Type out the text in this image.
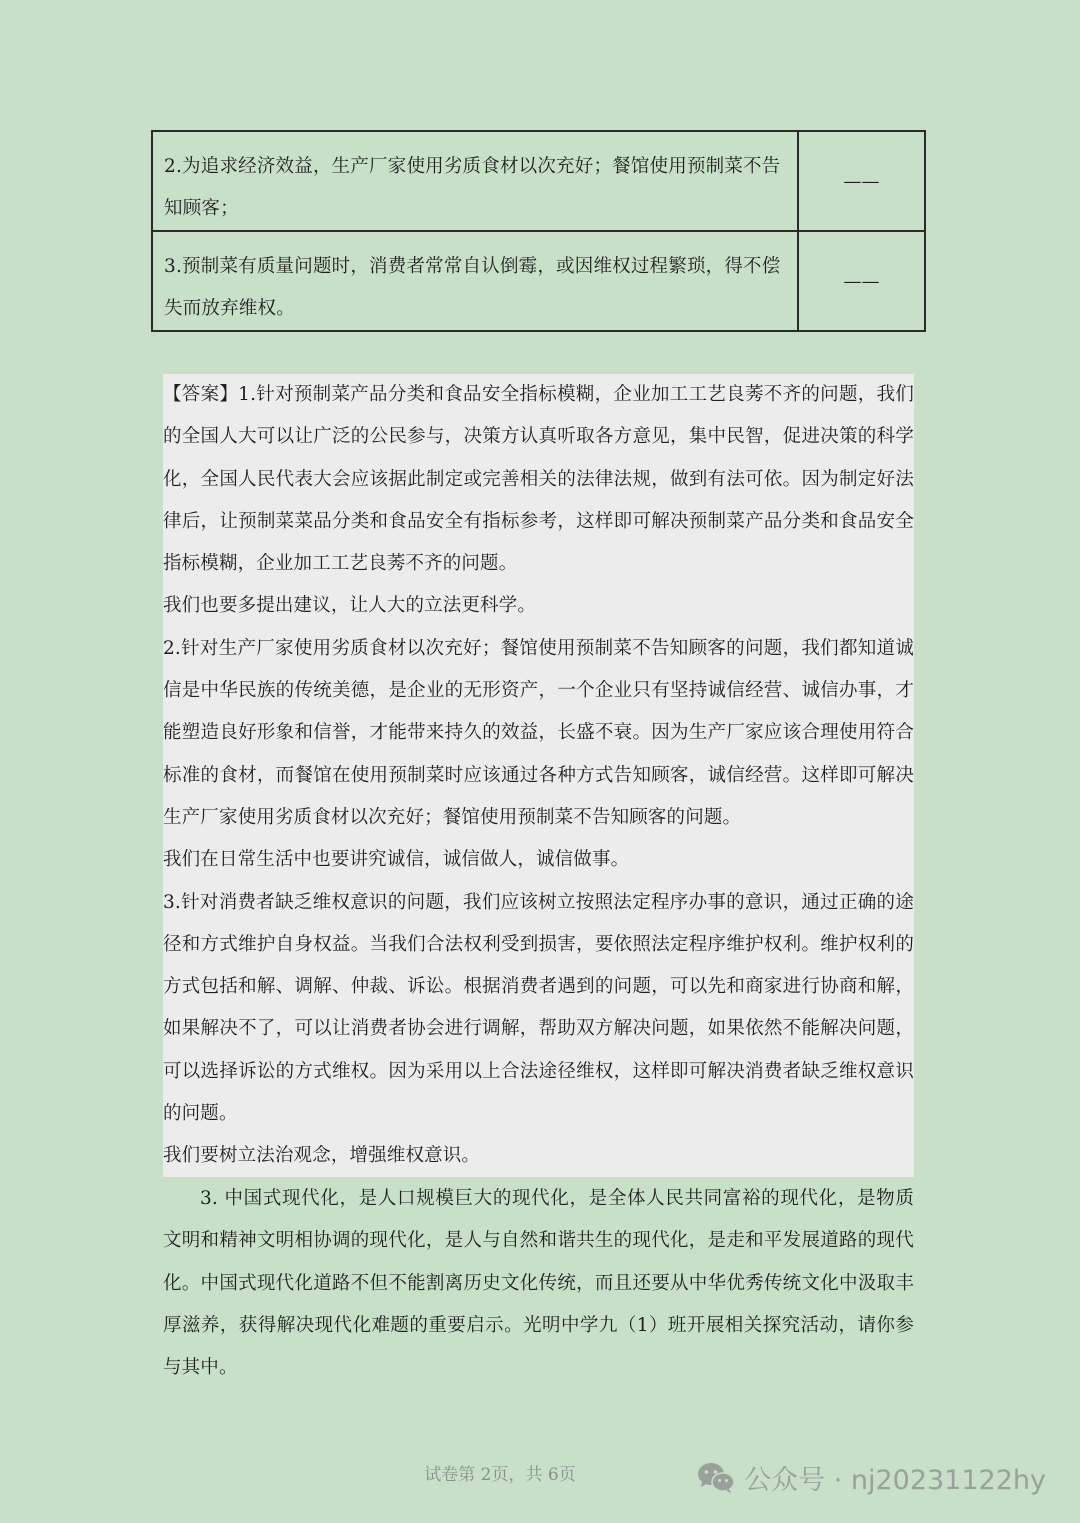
2.为追求经济效益，生产厂家使用劣质食材以次充好；餐馆使用预制菜不告知顾客；	——
3.预制菜有质量问题时，消费者常常自认倒霉，或因维权过程繁琐，得不偿失而放弃维权。	——

【答案】1.针对预制菜产品分类和食品安全指标模糊，企业加工工艺良莠不齐的问题，我们的全国人大可以让广泛的公民参与，决策方认真听取各方意见，集中民智，促进决策的科学化，全国人民代表大会应该据此制定或完善相关的法律法规，做到有法可依。因为制定好法律后，让预制菜菜品分类和食品安全有指标参考，这样即可解决预制菜产品分类和食品安全指标模糊，企业加工工艺良莠不齐的问题。

我们也要多提出建议，让人大的立法更科学。

2.针对生产厂家使用劣质食材以次充好；餐馆使用预制菜不告知顾客的问题，我们都知道诚信是中华民族的传统美德，是企业的无形资产，一个企业只有坚持诚信经营、诚信办事，才能塑造良好形象和信誉，才能带来持久的效益，长盛不衰。因为生产厂家应该合理使用符合标准的食材，而餐馆在使用预制菜时应该通过各种方式告知顾客，诚信经营。这样即可解决生产厂家使用劣质食材以次充好；餐馆使用预制菜不告知顾客的问题。

我们在日常生活中也要讲究诚信，诚信做人，诚信做事。

3.针对消费者缺乏维权意识的问题，我们应该树立按照法定程序办事的意识，通过正确的途径和方式维护自身权益。当我们合法权利受到损害，要依照法定程序维护权利。维护权利的方式包括和解、调解、仲裁、诉讼。根据消费者遇到的问题，可以先和商家进行协商和解，如果解决不了，可以让消费者协会进行调解，帮助双方解决问题，如果依然不能解决问题，可以选择诉讼的方式维权。因为采用以上合法途径维权，这样即可解决消费者缺乏维权意识的问题。

我们要树立法治观念，增强维权意识。

3. 中国式现代化，是人口规模巨大的现代化，是全体人民共同富裕的现代化，是物质文明和精神文明相协调的现代化，是人与自然和谐共生的现代化，是走和平发展道路的现代化。中国式现代化道路不但不能割离历史文化传统，而且还要从中华优秀传统文化中汲取丰厚滋养，获得解决现代化难题的重要启示。光明中学九（1）班开展相关探究活动，请你参与其中。

试卷第 2页，共 6页	公众号 · nj20231122hy
